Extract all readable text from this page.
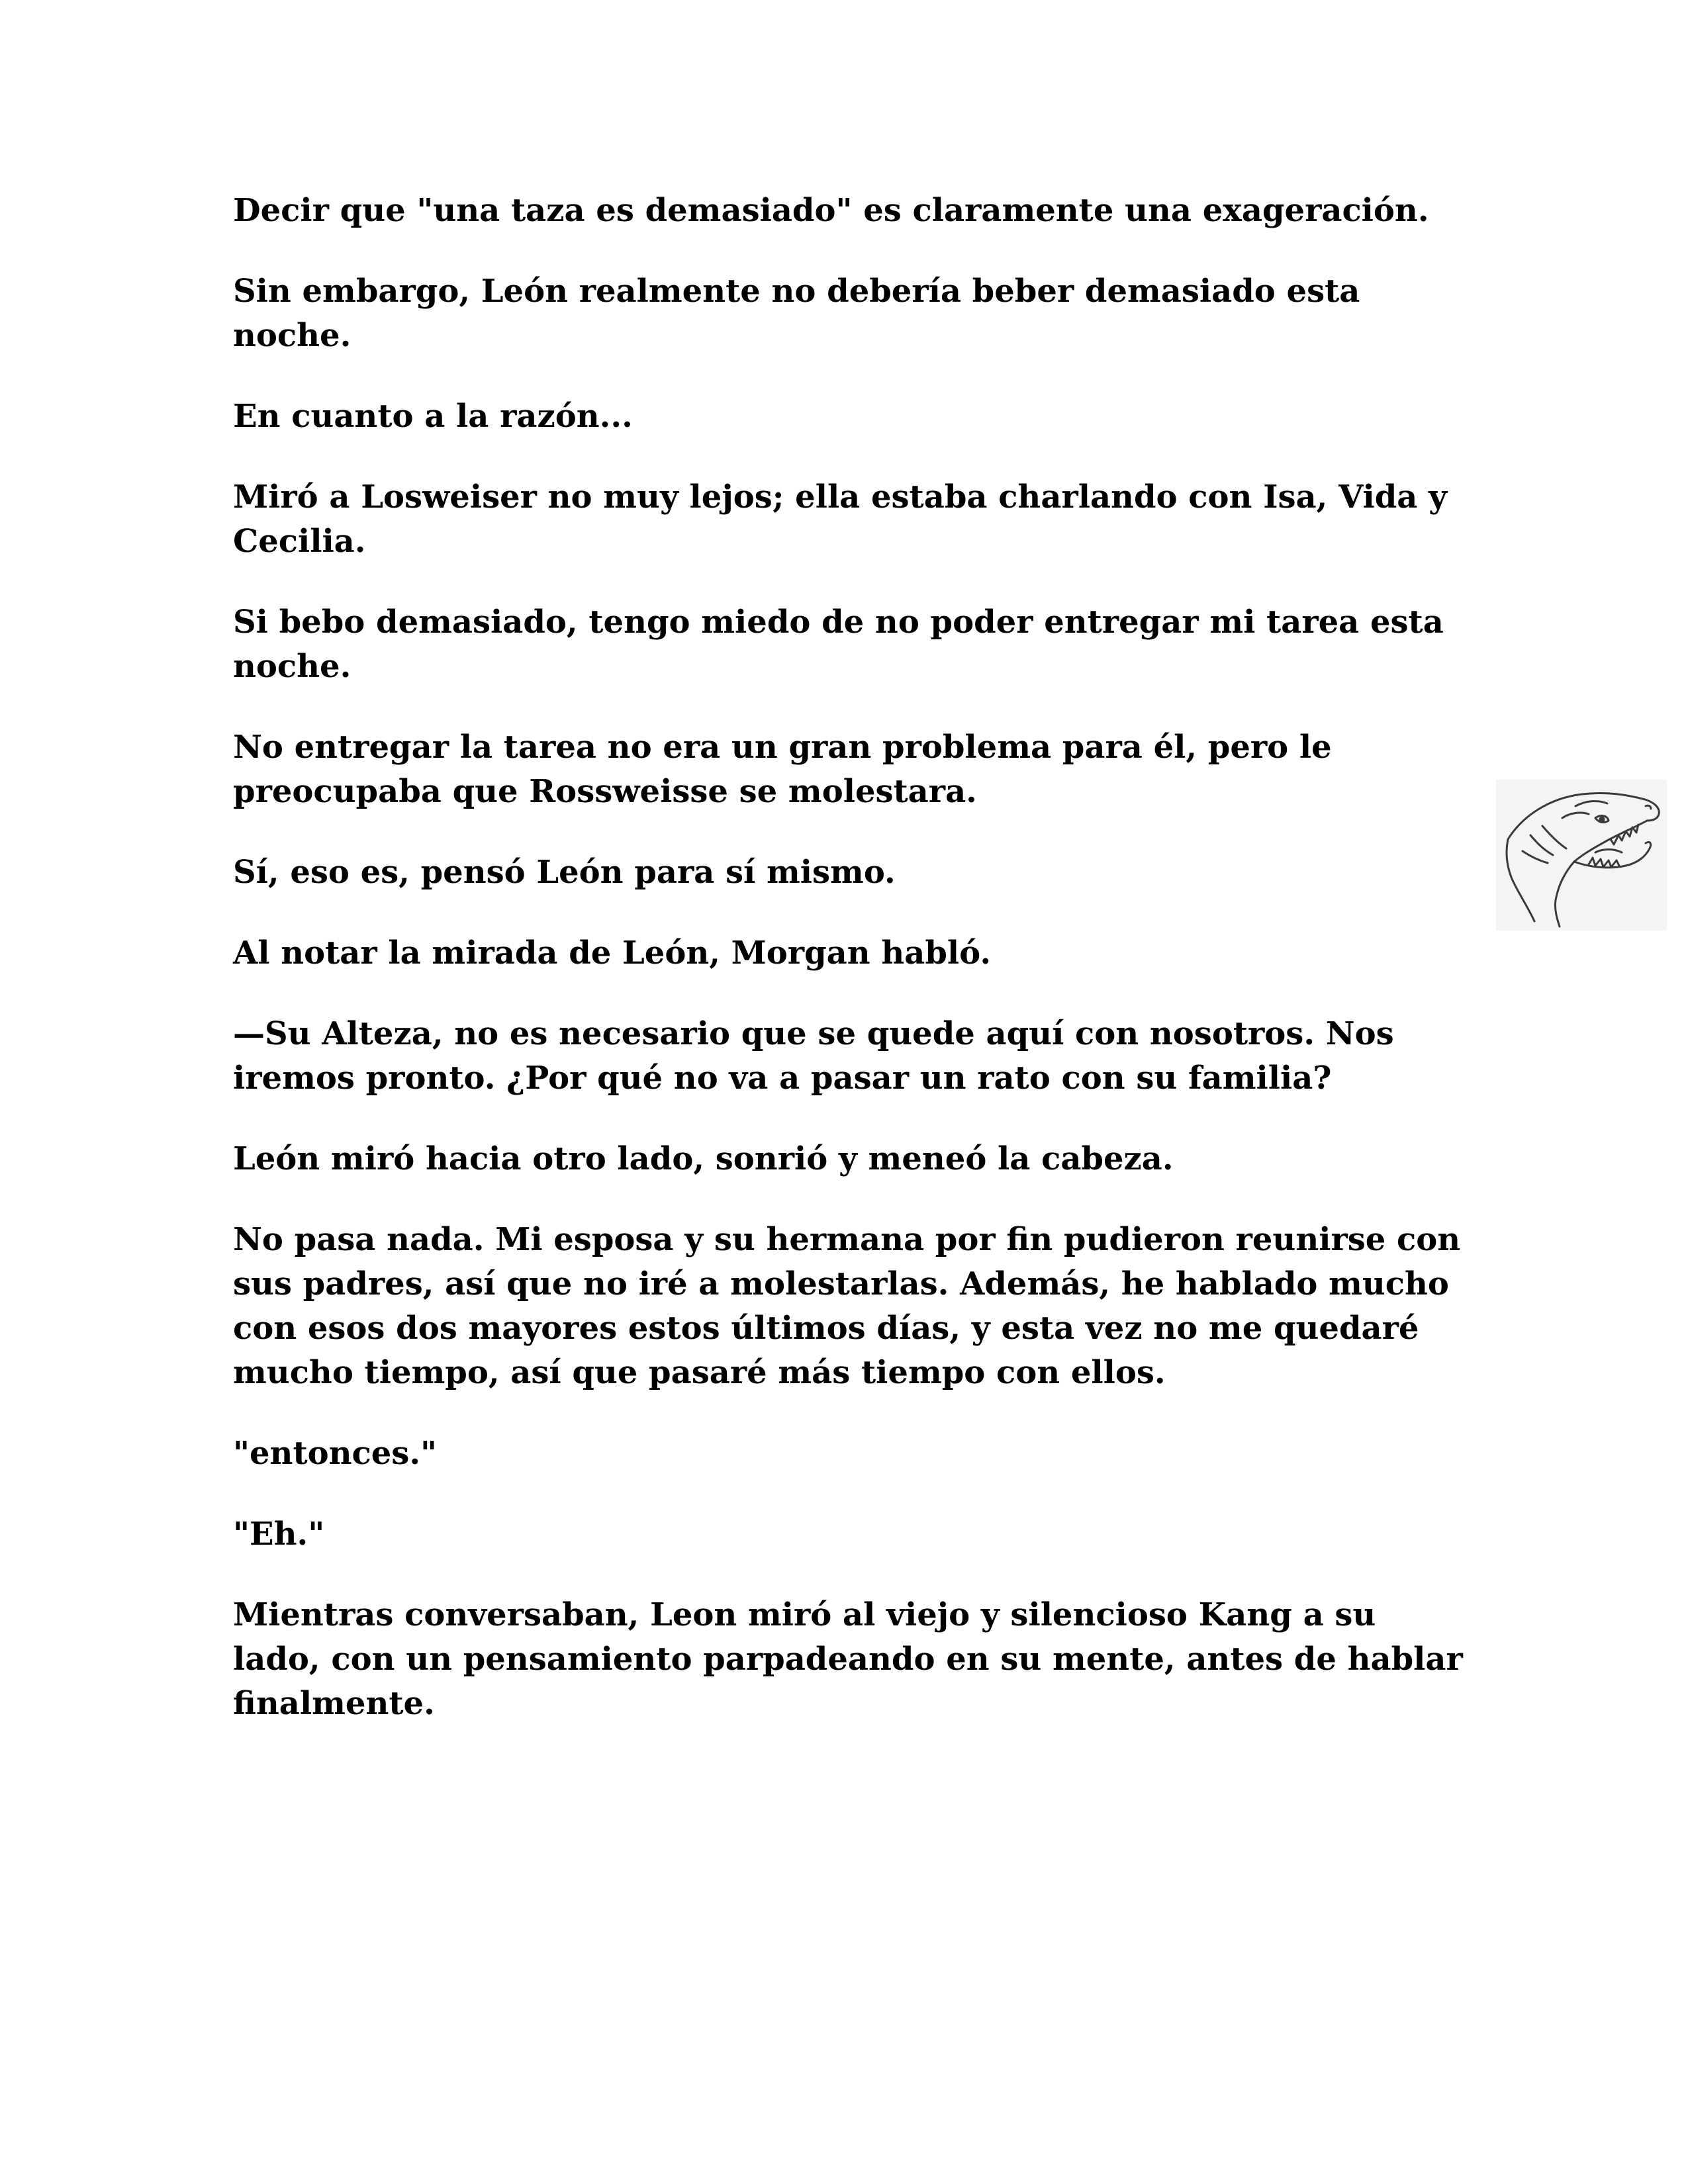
Decir que "una taza es demasiado" es claramente una exageración.

Sin embargo, León realmente no debería beber demasiado esta noche.

En cuanto a la razón...

Miró a Losweiser no muy lejos; ella estaba charlando con Isa, Vida y Cecilia.

Si bebo demasiado, tengo miedo de no poder entregar mi tarea esta noche.

No entregar la tarea no era un gran problema para él, pero le preocupaba que Rossweisse se molestara.

Sí, eso es, pensó León para sí mismo.

Al notar la mirada de León, Morgan habló.

—Su Alteza, no es necesario que se quede aquí con nosotros. Nos iremos pronto. ¿Por qué no va a pasar un rato con su familia?

León miró hacia otro lado, sonrió y meneó la cabeza.

No pasa nada. Mi esposa y su hermana por fin pudieron reunirse con sus padres, así que no iré a molestarlas. Además, he hablado mucho con esos dos mayores estos últimos días, y esta vez no me quedaré mucho tiempo, así que pasaré más tiempo con ellos.

"entonces."

"Eh."

Mientras conversaban, Leon miró al viejo y silencioso Kang a su lado, con un pensamiento parpadeando en su mente, antes de hablar finalmente.
